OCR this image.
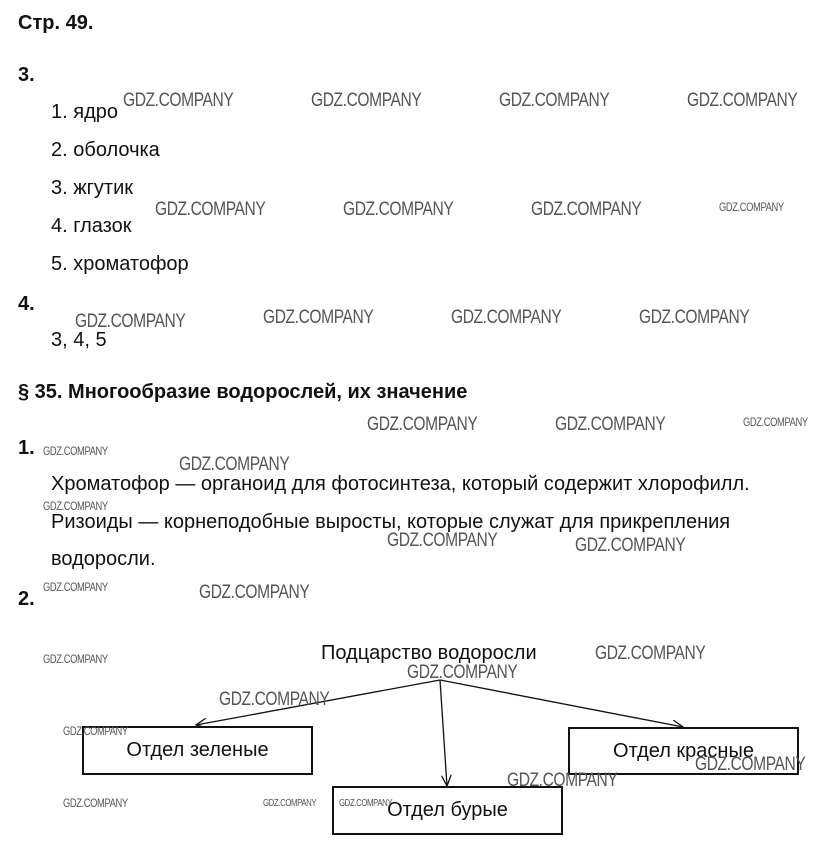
Стр. 49.
3.
1. ядро
2. оболочка
3. жгутик
4. глазок
5. хроматофор
4.
3, 4, 5
§ 35. Многообразие водорослей, их значение
1.
Хроматофор — органоид для фотосинтеза, который содержит хлорофилл.
Ризоиды — корнеподобные выросты, которые служат для прикрепления
водоросли.
2.
Подцарство водоросли
Отдел зеленые	Отдел красные
Отдел бурые
GDZ.COMPANY	GDZ.COMPANY	GDZ.COMPANY	GDZ.COMPANY
GDZ.COMPANY	GDZ.COMPANY	GDZ.COMPANY	GDZ.COMPANY
GDZ.COMPANY	GDZ.COMPANY	GDZ.COMPANY	GDZ.COMPANY
GDZ.COMPANY	GDZ.COMPANY	GDZ.COMPANY
GDZ.COMPANY
GDZ.COMPANY
GDZ.COMPANY
GDZ.COMPANY	GDZ.COMPANY
GDZ.COMPANY	GDZ.COMPANY
GDZ.COMPANY	GDZ.COMPANY
GDZ.COMPANY
GDZ.COMPANY
GDZ.COMPANY
GDZ.COMPANY
GDZ.COMPANY
GDZ.COMPANY	GDZ.COMPANY GDZ.COMPANY
